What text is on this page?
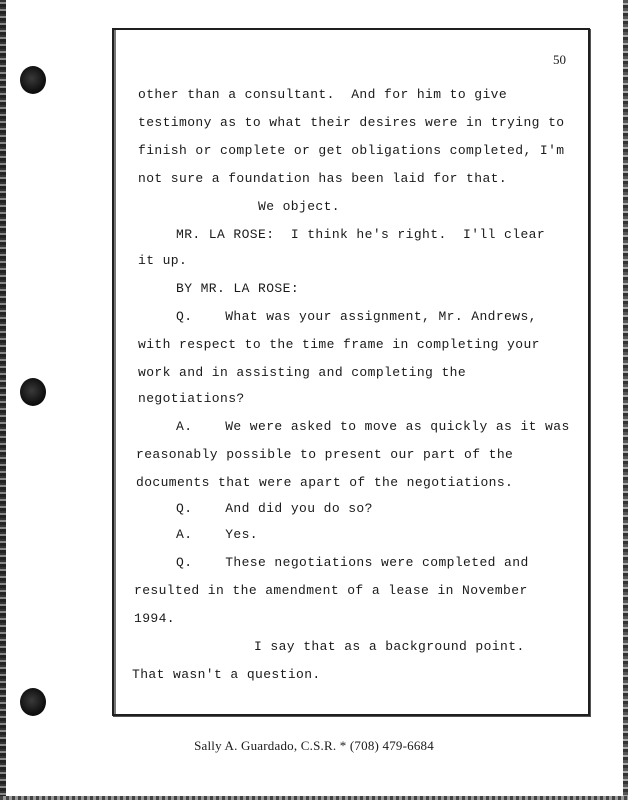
50
other than a consultant.  And for him to give
testimony as to what their desires were in trying to
finish or complete or get obligations completed, I'm
not sure a foundation has been laid for that.
We object.
MR. LA ROSE:  I think he's right.  I'll clear
it up.
BY MR. LA ROSE:
Q.    What was your assignment, Mr. Andrews,
with respect to the time frame in completing your
work and in assisting and completing the
negotiations?
A.    We were asked to move as quickly as it was
reasonably possible to present our part of the
documents that were apart of the negotiations.
Q.    And did you do so?
A.    Yes.
Q.    These negotiations were completed and
resulted in the amendment of a lease in November
1994.
I say that as a background point.
That wasn't a question.
Sally A. Guardado, C.S.R. * (708) 479-6684
